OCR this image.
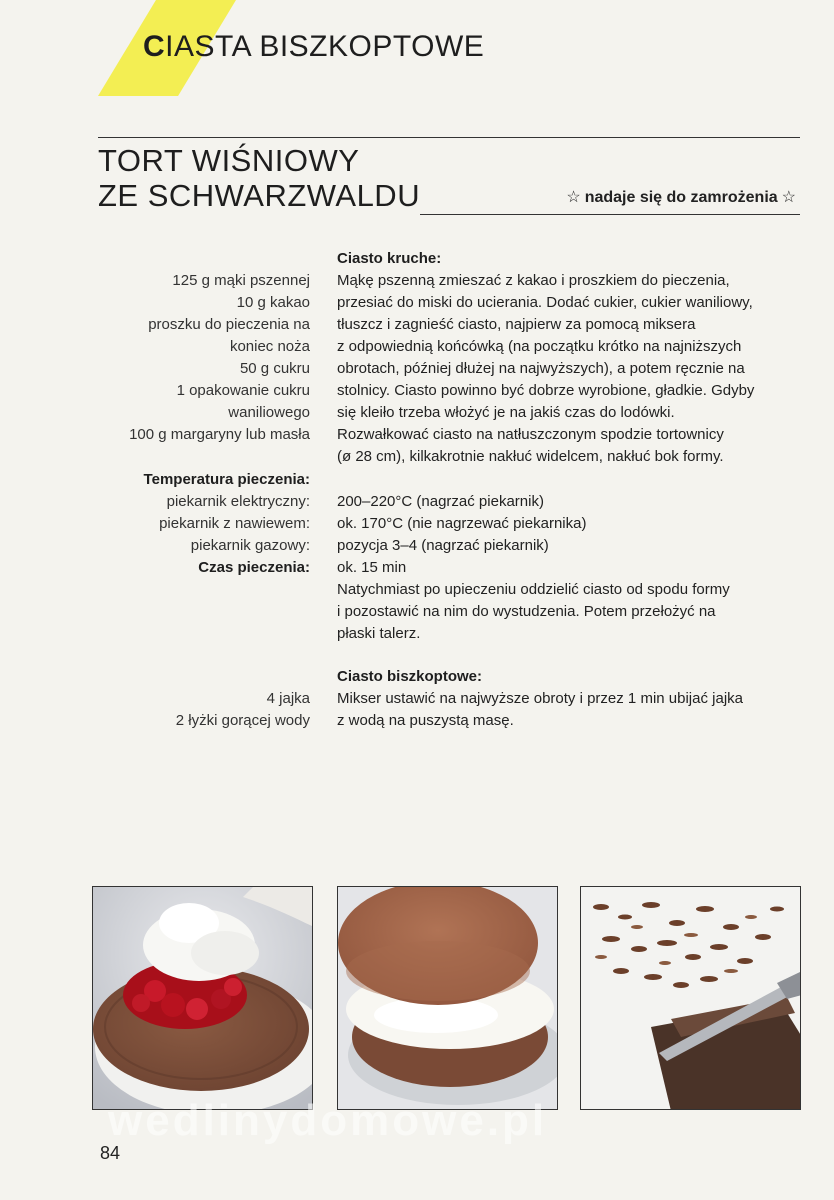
CIASTA BISZKOPTOWE
TORT WIŚNIOWY
ZE SCHWARZWALDU	☆ nadaje się do zamrożenia ☆
125 g mąki pszennej
10 g kakao
proszku do pieczenia na
koniec noża
50 g cukru
1 opakowanie cukru
waniliowego
100 g margaryny lub masła
Ciasto kruche:
Mąkę pszenną zmieszać z kakao i proszkiem do pieczenia,
przesiać do miski do ucierania. Dodać cukier, cukier waniliowy,
tłuszcz i zagnieść ciasto, najpierw za pomocą miksera
z odpowiednią końcówką (na początku krótko na najniższych
obrotach, później dłużej na najwyższych), a potem ręcznie na
stolnicy. Ciasto powinno być dobrze wyrobione, gładkie. Gdyby
się kleiło trzeba włożyć je na jakiś czas do lodówki.
Rozwałkować ciasto na natłuszczonym spodzie tortownicy
(ø 28 cm), kilkakrotnie nakłuć widelcem, nakłuć bok formy.
Temperatura pieczenia:
piekarnik elektryczny:
piekarnik z nawiewem:
piekarnik gazowy:
Czas pieczenia:
200–220°C (nagrzać piekarnik)
ok. 170°C (nie nagrzewać piekarnika)
pozycja 3–4 (nagrzać piekarnik)
ok. 15 min
Natychmiast po upieczeniu oddzielić ciasto od spodu formy
i pozostawić na nim do wystudzenia. Potem przełożyć na
płaski talerz.
4 jajka
2 łyżki gorącej wody
Ciasto biszkoptowe:
Mikser ustawić na najwyższe obroty i przez 1 min ubijać jajka
z wodą na puszystą masę.
wedlinydomowe.pl
84
